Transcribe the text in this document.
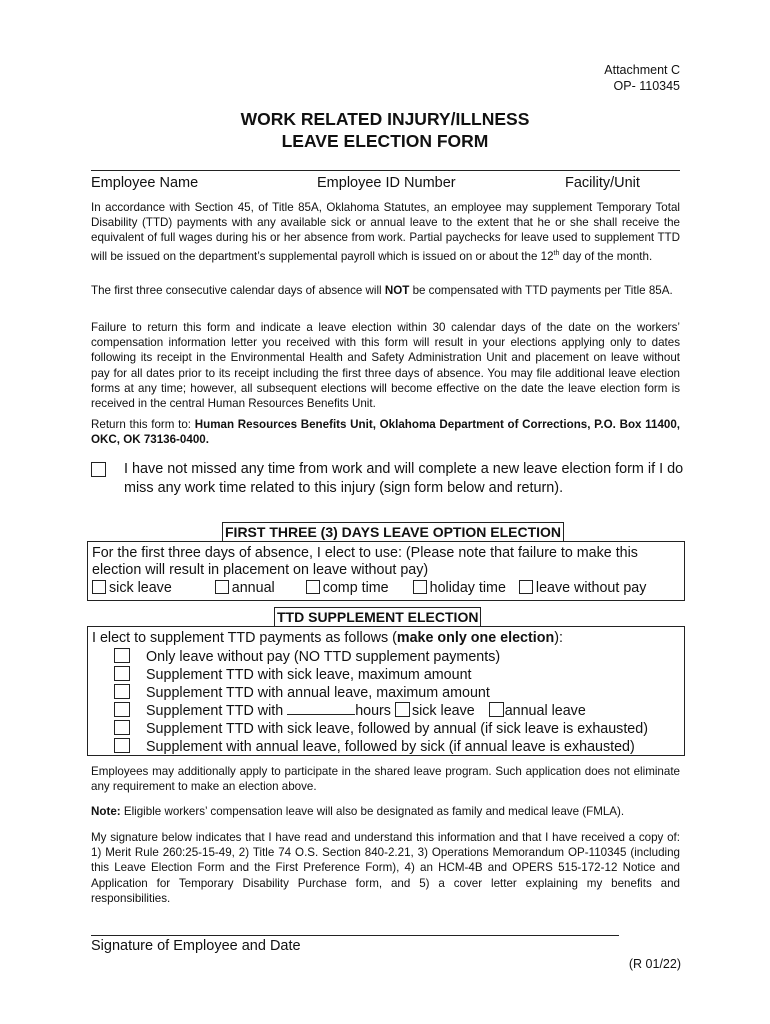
Attachment C
OP- 110345
WORK RELATED INJURY/ILLNESS
LEAVE ELECTION FORM
Employee Name	Employee ID Number	Facility/Unit
In accordance with Section 45, of Title 85A, Oklahoma Statutes, an employee may supplement Temporary Total Disability (TTD) payments with any available sick or annual leave to the extent that he or she shall receive the equivalent of full wages during his or her absence from work. Partial paychecks for leave used to supplement TTD will be issued on the department’s supplemental payroll which is issued on or about the 12th day of the month.
The first three consecutive calendar days of absence will NOT be compensated with TTD payments per Title 85A.
Failure to return this form and indicate a leave election within 30 calendar days of the date on the workers’ compensation information letter you received with this form will result in your elections applying only to dates following its receipt in the Environmental Health and Safety Administration Unit and placement on leave without pay for all dates prior to its receipt including the first three days of absence. You may file additional leave election forms at any time; however, all subsequent elections will become effective on the date the leave election form is received in the central Human Resources Benefits Unit.
Return this form to: Human Resources Benefits Unit, Oklahoma Department of Corrections, P.O. Box 11400, OKC, OK 73136-0400.
I have not missed any time from work and will complete a new leave election form if I do miss any work time related to this injury (sign form below and return).
FIRST THREE (3) DAYS LEAVE OPTION ELECTION
For the first three days of absence, I elect to use: (Please note that failure to make this election will result in placement on leave without pay)
sick leave	annual	comp time	holiday time leave without pay
TTD SUPPLEMENT ELECTION
I elect to supplement TTD payments as follows (make only one election):
Only leave without pay (NO TTD supplement payments)
Supplement TTD with sick leave, maximum amount
Supplement TTD with annual leave, maximum amount
Supplement TTD with	hours sick leave annual leave
Supplement TTD with sick leave, followed by annual (if sick leave is exhausted)
Supplement with annual leave, followed by sick (if annual leave is exhausted)
Employees may additionally apply to participate in the shared leave program. Such application does not eliminate any requirement to make an election above.
Note: Eligible workers’ compensation leave will also be designated as family and medical leave (FMLA).
My signature below indicates that I have read and understand this information and that I have received a copy of: 1) Merit Rule 260:25-15-49, 2) Title 74 O.S. Section 840-2.21, 3) Operations Memorandum OP-110345 (including this Leave Election Form and the First Preference Form), 4) an HCM-4B and OPERS 515-172-12 Notice and Application for Temporary Disability Purchase form, and 5) a cover letter explaining my benefits and responsibilities.
Signature of Employee and Date
(R 01/22)
